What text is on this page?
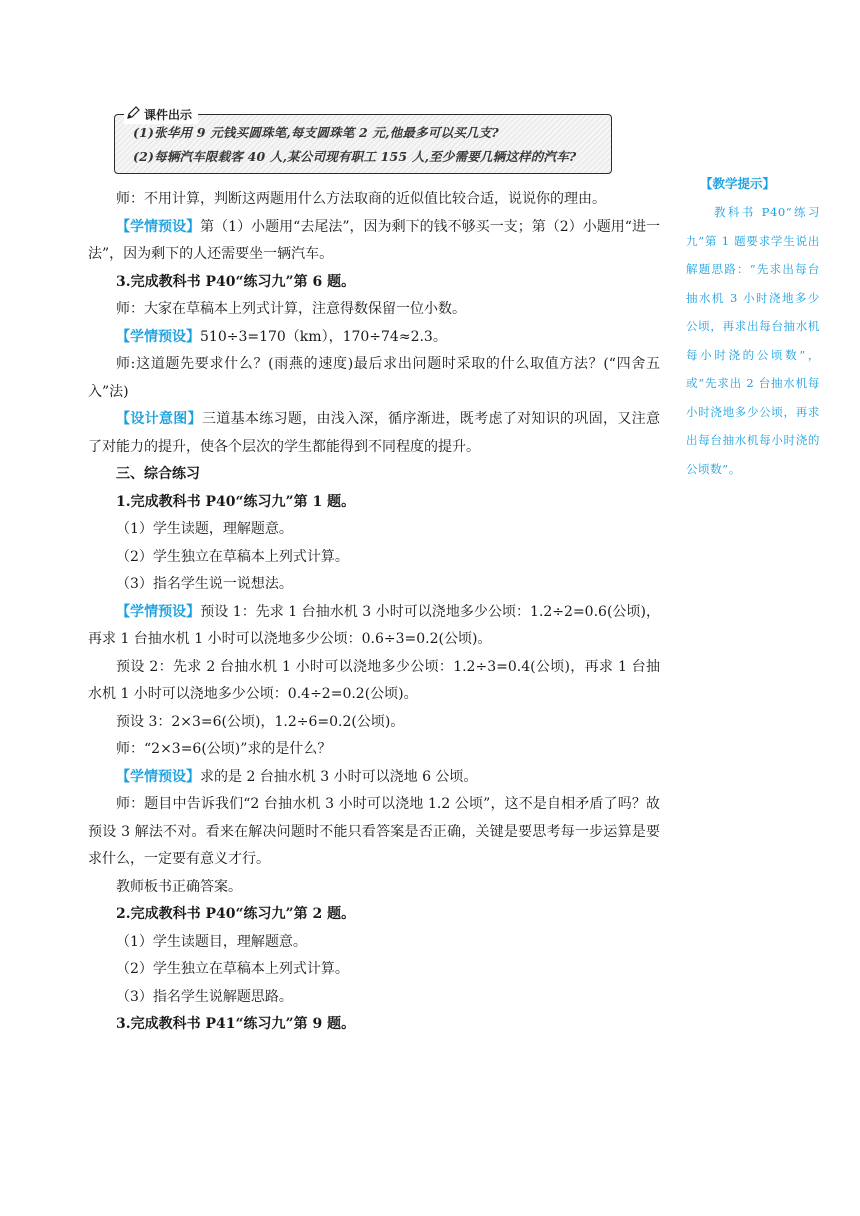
(1)张华用 9 元钱买圆珠笔,每支圆珠笔 2 元,他最多可以买几支?
(2)每辆汽车限载客 40 人,某公司现有职工 155 人,至少需要几辆这样的汽车?
课件出示

师：不用计算，判断这两题用什么方法取商的近似值比较合适，说说你的理由。

【学情预设】第（1）小题用“去尾法”，因为剩下的钱不够买一支；第（2）小题用“进一法”，因为剩下的人还需要坐一辆汽车。

3.完成教科书 P40“练习九”第 6 题。

师：大家在草稿本上列式计算，注意得数保留一位小数。

【学情预设】510÷3=170（km），170÷74≈2.3。

师:这道题先要求什么？(雨燕的速度)最后求出问题时采取的什么取值方法？(“四舍五入”法)

【设计意图】三道基本练习题，由浅入深，循序渐进，既考虑了对知识的巩固，又注意了对能力的提升，使各个层次的学生都能得到不同程度的提升。

三、综合练习

1.完成教科书 P40“练习九”第 1 题。

（1）学生读题，理解题意。

（2）学生独立在草稿本上列式计算。

（3）指名学生说一说想法。

【学情预设】预设 1：先求 1 台抽水机 3 小时可以浇地多少公顷：1.2÷2=0.6(公顷)，再求 1 台抽水机 1 小时可以浇地多少公顷：0.6÷3=0.2(公顷)。

预设 2：先求 2 台抽水机 1 小时可以浇地多少公顷：1.2÷3=0.4(公顷)，再求 1 台抽水机 1 小时可以浇地多少公顷：0.4÷2=0.2(公顷)。

预设 3：2×3=6(公顷)，1.2÷6=0.2(公顷)。

师：“2×3=6(公顷)”求的是什么？

【学情预设】求的是 2 台抽水机 3 小时可以浇地 6 公顷。

师：题目中告诉我们“2 台抽水机 3 小时可以浇地 1.2 公顷”，这不是自相矛盾了吗？故预设 3 解法不对。看来在解决问题时不能只看答案是否正确，关键是要思考每一步运算是要求什么，一定要有意义才行。

教师板书正确答案。

2.完成教科书 P40“练习九”第 2 题。

（1）学生读题目，理解题意。

（2）学生独立在草稿本上列式计算。

（3）指名学生说解题思路。

3.完成教科书 P41“练习九”第 9 题。

【教学提示】

教科书 P40“练习九”第 1 题要求学生说出解题思路：“先求出每台抽水机 3 小时浇地多少公顷，再求出每台抽水机每小时浇的公顷数”，或“先求出 2 台抽水机每小时浇地多少公顷，再求出每台抽水机每小时浇的公顷数”。
